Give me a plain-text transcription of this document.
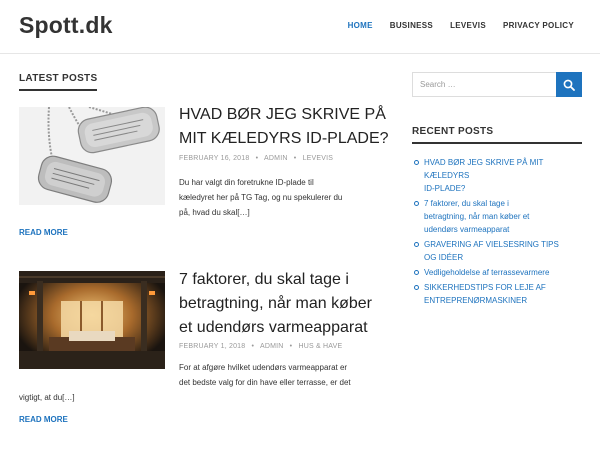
Spott.dk	HOME BUSINESS LEVEVIS PRIVACY POLICY
LATEST POSTS
HVAD BØR JEG SKRIVE PÅ
MIT KÆLEDYRS ID-PLADE?
FEBRUARY 16, 2018 • ADMIN • LEVEVIS
Du har valgt din foretrukne ID-plade til
kæledyret her på TG Tag, og nu spekulerer du
på, hvad du skal[…]
READ MORE
7 faktorer, du skal tage i
betragtning, når man køber
et udendørs varmeapparat
FEBRUARY 1, 2018 • ADMIN • HUS & HAVE
For at afgøre hvilket udendørs varmeapparat er
det bedste valg for din have eller terrasse, er det
vigtigt, at du[…]
READ MORE
Search …
RECENT POSTS
HVAD BØR JEG SKRIVE PÅ MIT KÆLEDYRS
ID-PLADE?
7 faktorer, du skal tage i
betragtning, når man køber et
udendørs varmeapparat
GRAVERING AF VIELSESRING TIPS
OG IDÉER
Vedligeholdelse af terrassevarmere
SIKKERHEDSTIPS FOR LEJE AF
ENTREPRENØRMASKINER
